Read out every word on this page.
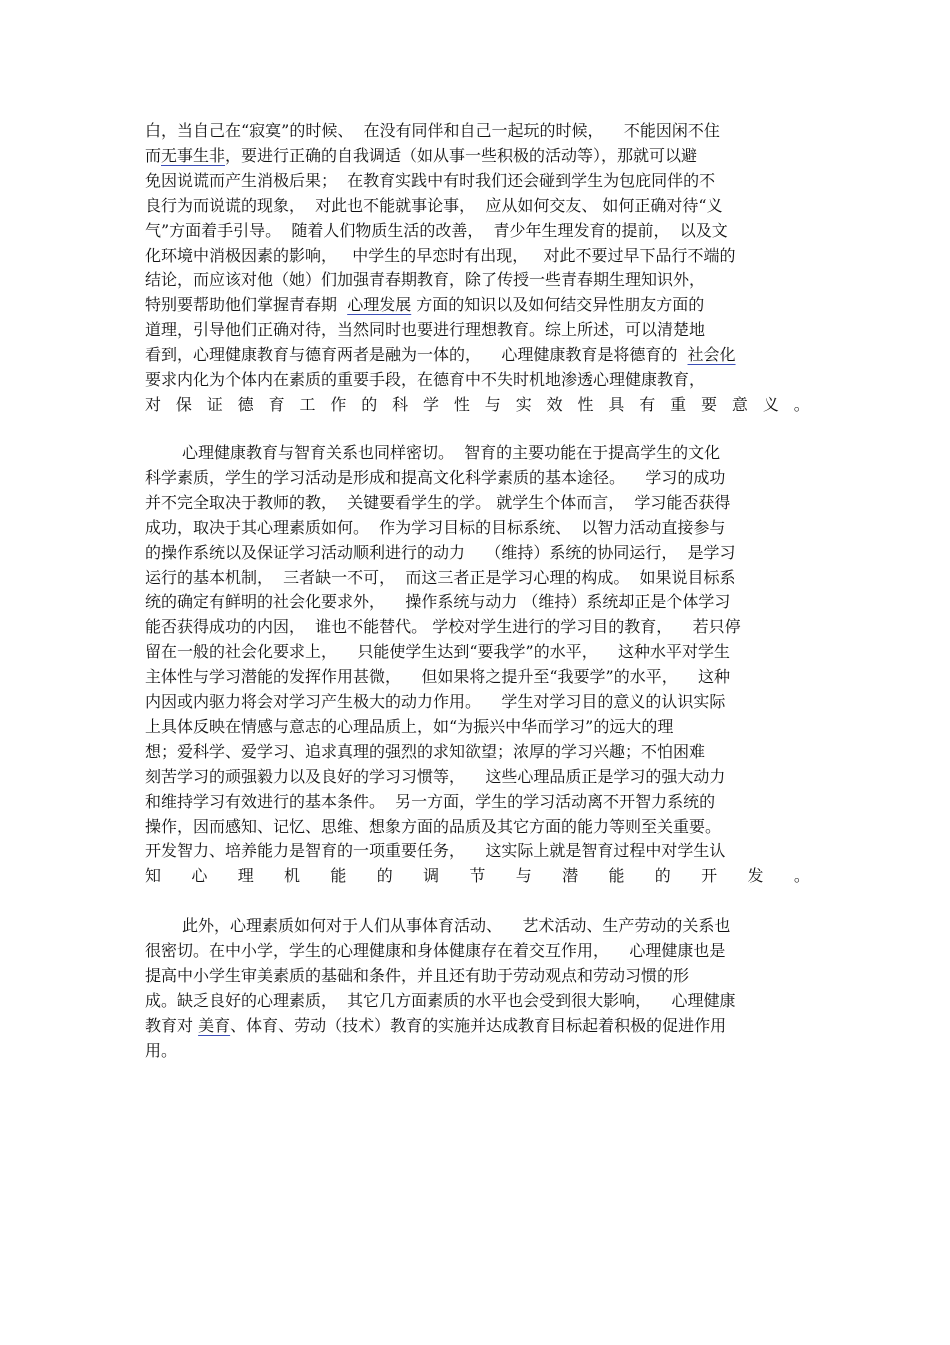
白，当自己在“寂寞”的时候、  在没有同伴和自己一起玩的时候，    不能因闲不住
而无事生非，要进行正确的自我调适（如从事一些积极的活动等），那就可以避
免因说谎而产生消极后果；  在教育实践中有时我们还会碰到学生为包庇同伴的不
良行为而说谎的现象，  对此也不能就事论事，  应从如何交友、 如何正确对待“义
气”方面着手引导。  随着人们物质生活的改善，  青少年生理发育的提前，  以及文
化环境中消极因素的影响，   中学生的早恋时有出现，   对此不要过早下品行不端的
结论，而应该对他（她）们加强青春期教育，除了传授一些青春期生理知识外，
特别要帮助他们掌握青春期  心理发展 方面的知识以及如何结交异性朋友方面的
道理，引导他们正确对待，当然同时也要进行理想教育。综上所述，可以清楚地
看到，心理健康教育与德育两者是融为一体的，    心理健康教育是将德育的  社会化
要求内化为个体内在素质的重要手段，在德育中不失时机地渗透心理健康教育，
对 保 证 德 育 工 作 的 科 学 性 与 实 效 性 具 有 重 要 意 义 。
心理健康教育与智育关系也同样密切。  智育的主要功能在于提高学生的文化
科学素质，学生的学习活动是形成和提高文化科学素质的基本途径。    学习的成功
并不完全取决于教师的教，  关键要看学生的学。 就学生个体而言，  学习能否获得
成功，取决于其心理素质如何。  作为学习目标的目标系统、  以智力活动直接参与
的操作系统以及保证学习活动顺利进行的动力    （维持）系统的协同运行，  是学习
运行的基本机制，  三者缺一不可，  而这三者正是学习心理的构成。  如果说目标系
统的确定有鲜明的社会化要求外，    操作系统与动力 （维持）系统却正是个体学习
能否获得成功的内因，  谁也不能替代。 学校对学生进行的学习目的教育，    若只停
留在一般的社会化要求上，    只能使学生达到“要我学”的水平，    这种水平对学生
主体性与学习潜能的发挥作用甚微，    但如果将之提升至“我要学”的水平，    这种
内因或内驱力将会对学习产生极大的动力作用。    学生对学习目的意义的认识实际
上具体反映在情感与意志的心理品质上，如“为振兴中华而学习”的远大的理
想；爱科学、爱学习、追求真理的强烈的求知欲望；浓厚的学习兴趣；不怕困难
刻苦学习的顽强毅力以及良好的学习习惯等，    这些心理品质正是学习的强大动力
和维持学习有效进行的基本条件。  另一方面，学生的学习活动离不开智力系统的
操作，因而感知、记忆、思维、想象方面的品质及其它方面的能力等则至关重要。
开发智力、培养能力是智育的一项重要任务，    这实际上就是智育过程中对学生认
知 心 理 机 能 的 调 节 与 潜 能 的 开 发 。
此外，心理素质如何对于人们从事体育活动、    艺术活动、生产劳动的关系也
很密切。在中小学，学生的心理健康和身体健康存在着交互作用，    心理健康也是
提高中小学生审美素质的基础和条件，并且还有助于劳动观点和劳动习惯的形
成。缺乏良好的心理素质，  其它几方面素质的水平也会受到很大影响，    心理健康
教育对 美育、体育、劳动（技术）教育的实施并达成教育目标起着积极的促进作用
用。
